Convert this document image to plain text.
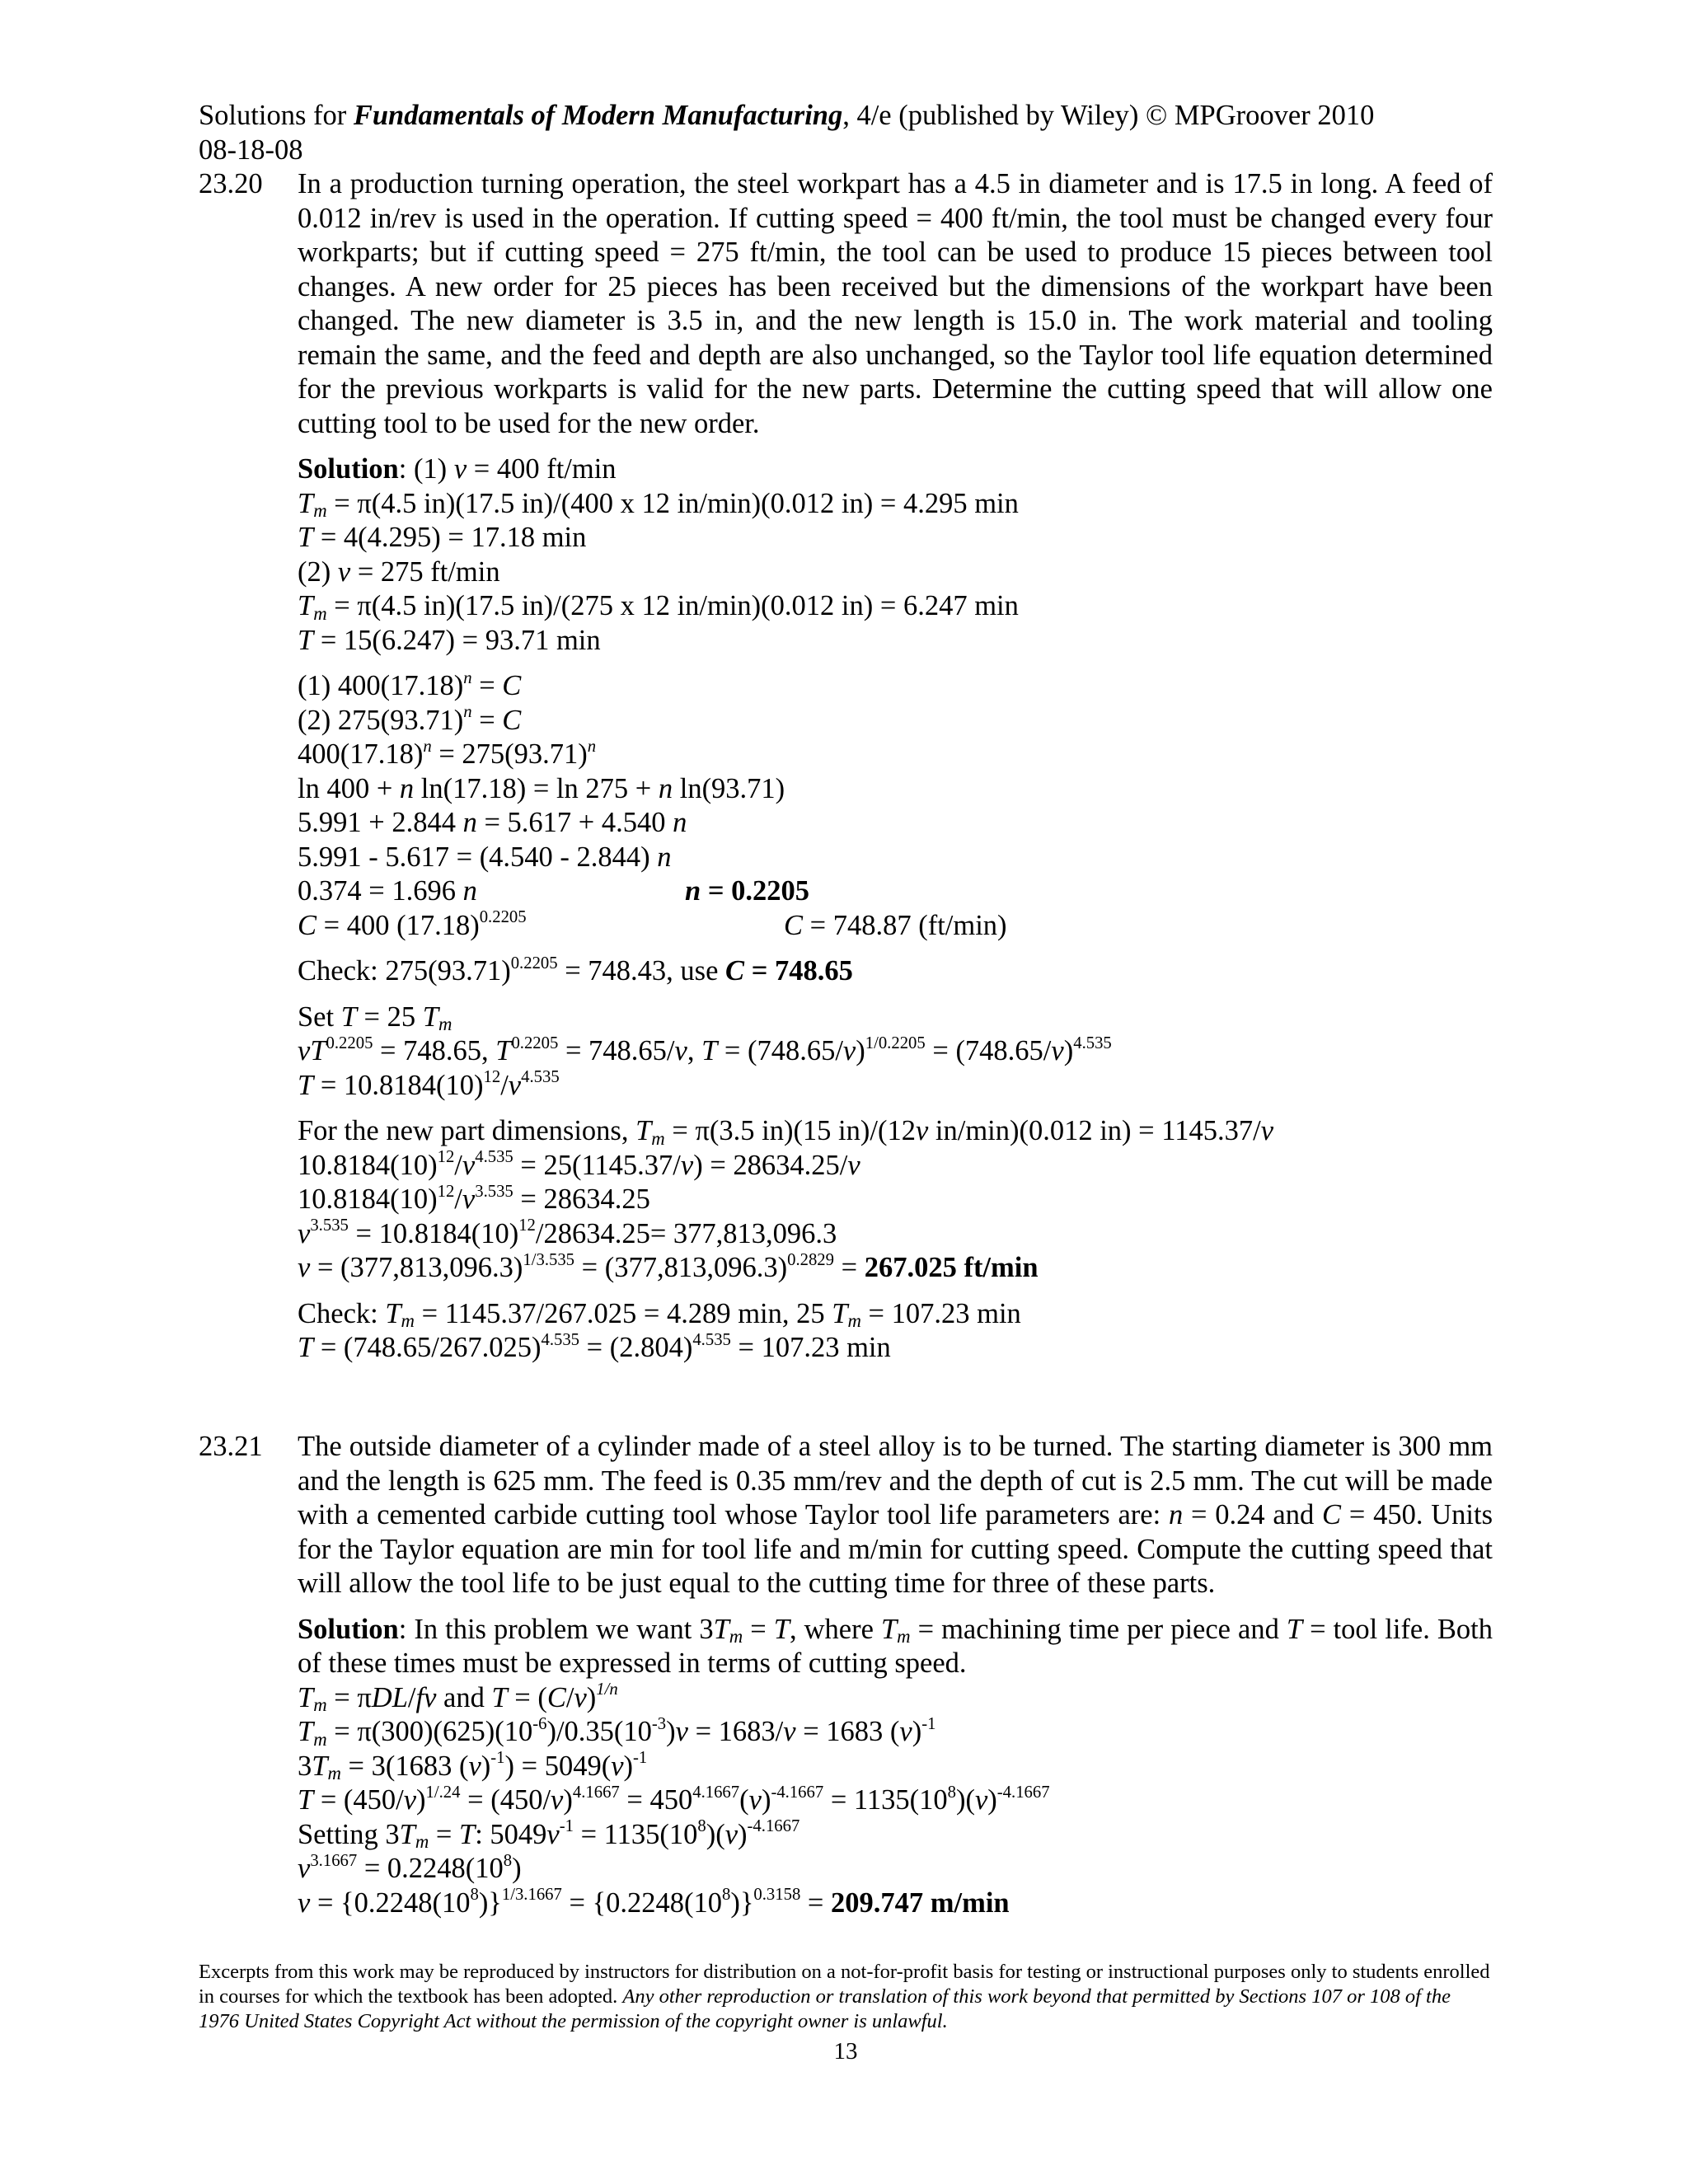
Solutions for Fundamentals of Modern Manufacturing, 4/e (published by Wiley) © MPGroover 2010
08-18-08
23.20 In a production turning operation, the steel workpart has a 4.5 in diameter and is 17.5 in long. A feed of 0.012 in/rev is used in the operation. If cutting speed = 400 ft/min, the tool must be changed every four workparts; but if cutting speed = 275 ft/min, the tool can be used to produce 15 pieces between tool changes. A new order for 25 pieces has been received but the dimensions of the workpart have been changed. The new diameter is 3.5 in, and the new length is 15.0 in. The work material and tooling remain the same, and the feed and depth are also unchanged, so the Taylor tool life equation determined for the previous workparts is valid for the new parts. Determine the cutting speed that will allow one cutting tool to be used for the new order.
Solution: (1) v = 400 ft/min
$T_m = \pi(4.5$ in)(17.5 in)/(400 x 12 in/min)(0.012 in) = 4.295 min
T = 4(4.295) = 17.18 min
(2) v = 275 ft/min
$T_m = \pi(4.5$ in)(17.5 in)/(275 x 12 in/min)(0.012 in) = 6.247 min
T = 15(6.247) = 93.71 min
(1) $400(17.18)^n = C$
(2) $275(93.71)^n = C$
$400(17.18)^n = 275(93.71)^n$
ln 400 + n ln(17.18) = ln 275 + n ln(93.71)
5.991 + 2.844 n = 5.617 + 4.540 n
5.991 - 5.617 = (4.540 - 2.844) n
0.374 = 1.696 n	n = 0.2205
C = 400 $(17.18)^{0.2205}$	C = 748.87 (ft/min)
Check: $275(93.71)^{0.2205} = 748.43$, use C = 748.65
Set T = 25 $T_m$
$vT^{0.2205} = 748.65$, $T^{0.2205} = 748.65/v$, $T = (748.65/v)^{1/0.2205} = (748.65/v)^{4.535}$
$T = 10.8184(10)^{12}/v^{4.535}$
For the new part dimensions, $T_m = \pi(3.5$ in)(15 in)/(12v in/min)(0.012 in) = 1145.37/v
$10.8184(10)^{12}/v^{4.535} = 25(1145.37/v) = 28634.25/v$
$10.8184(10)^{12}/v^{3.535} = 28634.25$
$v^{3.535} = 10.8184(10)^{12}/28634.25= 377,813,096.3$
$v = (377,813,096.3)^{1/3.535} = (377,813,096.3)^{0.2829} = 267.025$ ft/min
Check: $T_m = 1145.37/267.025 = 4.289$ min, 25 $T_m = 107.23$ min
$T = (748.65/267.025)^{4.535} = (2.804)^{4.535} = 107.23$ min
23.21 The outside diameter of a cylinder made of a steel alloy is to be turned. The starting diameter is 300 mm and the length is 625 mm. The feed is 0.35 mm/rev and the depth of cut is 2.5 mm. The cut will be made with a cemented carbide cutting tool whose Taylor tool life parameters are: n = 0.24 and C = 450. Units for the Taylor equation are min for tool life and m/min for cutting speed. Compute the cutting speed that will allow the tool life to be just equal to the cutting time for three of these parts.
Solution: In this problem we want $3T_m = T$, where $T_m$ = machining time per piece and T = tool life. Both of these times must be expressed in terms of cutting speed.
$T_m = \pi DL/fv$ and $T = (C/v)^{1/n}$
$T_m = \pi(300)(625)(10^{-6})/0.35(10^{-3})v = 1683/v = 1683$ $(v)^{-1}$
$3T_m = 3(1683$ $(v)^{-1}) = 5049(v)^{-1}$
$T = (450/v)^{1/.24} = (450/v)^{4.1667} = 450^{4.1667}(v)^{-4.1667} = 1135(10^8)(v)^{-4.1667}$
Setting $3T_m = T$: $5049v^{-1} = 1135(10^8)(v)^{-4.1667}$
$v^{3.1667} = 0.2248(10^8)$
$v = \{0.2248(10^8)\}^{1/3.1667} = \{0.2248(10^8)\}^{0.3158} = 209.747$ m/min
Excerpts from this work may be reproduced by instructors for distribution on a not-for-profit basis for testing or instructional purposes only to students enrolled in courses for which the textbook has been adopted. Any other reproduction or translation of this work beyond that permitted by Sections 107 or 108 of the 1976 United States Copyright Act without the permission of the copyright owner is unlawful.
13
